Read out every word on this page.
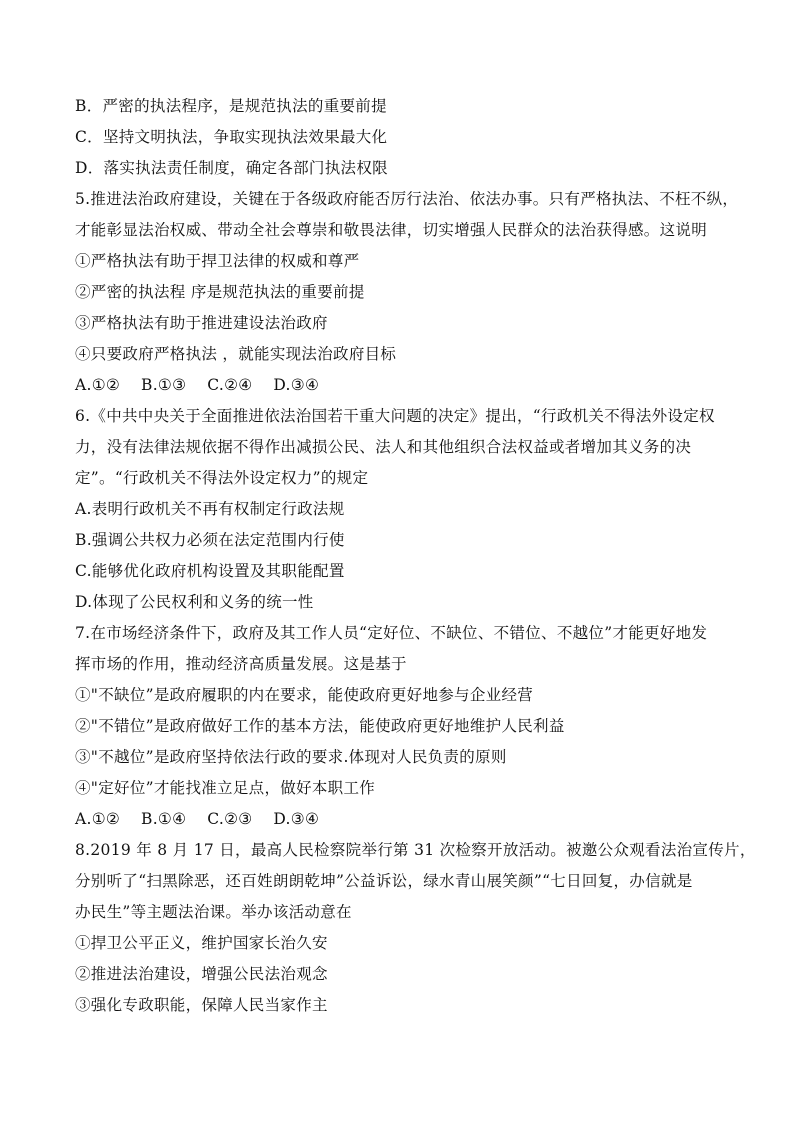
B．严密的执法程序，是规范执法的重要前提
C．坚持文明执法，争取实现执法效果最大化
D．落实执法责任制度，确定各部门执法权限
5.推进法治政府建设，关键在于各级政府能否厉行法治、依法办事。只有严格执法、不枉不纵，
才能彰显法治权威、带动全社会尊崇和敬畏法律，切实增强人民群众的法治获得感。这说明
①严格执法有助于捍卫法律的权威和尊严
②严密的执法程 序是规范执法的重要前提
③严格执法有助于推进建设法治政府
④只要政府严格执法 ，就能实现法治政府目标
A.①②    B.①③    C.②④    D.③④
6.《中共中央关于全面推进依法治国若干重大问题的决定》提出，“行政机关不得法外设定权
力，没有法律法规依据不得作出减损公民、法人和其他组织合法权益或者增加其义务的决
定”。“行政机关不得法外设定权力”的规定
A.表明行政机关不再有权制定行政法规
B.强调公共权力必须在法定范围内行使
C.能够优化政府机构设置及其职能配置
D.体现了公民权利和义务的统一性
7.在市场经济条件下，政府及其工作人员“定好位、不缺位、不错位、不越位”才能更好地发
挥市场的作用，推动经济高质量发展。这是基于
①"不缺位”是政府履职的内在要求，能使政府更好地参与企业经营
②"不错位”是政府做好工作的基本方法，能使政府更好地维护人民利益
③"不越位”是政府坚持依法行政的要求.体现对人民负责的原则
④"定好位”才能找准立足点，做好本职工作
A.①②    B.①④    C.②③    D.③④
8.2019 年 8 月 17 日，最高人民检察院举行第 31 次检察开放活动。被邀公众观看法治宣传片，
分别听了“扫黑除恶，还百姓朗朗乾坤”公益诉讼，绿水青山展笑颜”“七日回复，办信就是
办民生”等主题法治课。举办该活动意在
①捍卫公平正义，维护国家长治久安
②推进法治建设，增强公民法治观念
③强化专政职能，保障人民当家作主
